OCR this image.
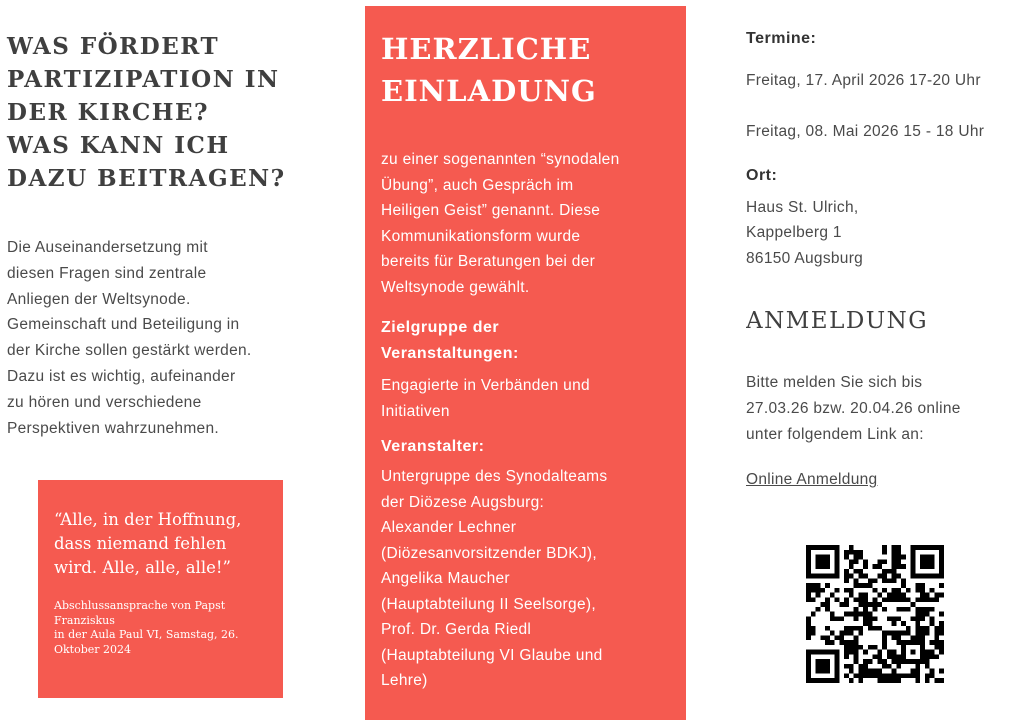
WAS FÖRDERT
PARTIZIPATION IN
DER KIRCHE?
WAS KANN ICH
DAZU BEITRAGEN?
Die Auseinandersetzung mit
diesen Fragen sind zentrale
Anliegen der Weltsynode.
Gemeinschaft und Beteiligung in
der Kirche sollen gestärkt werden.
Dazu ist es wichtig, aufeinander
zu hören und verschiedene
Perspektiven wahrzunehmen.
“Alle, in der Hoffnung,
dass niemand fehlen
wird. Alle, alle, alle!”
Abschlussansprache von Papst
Franziskus
in der Aula Paul VI, Samstag, 26.
Oktober 2024
HERZLICHE
EINLADUNG
zu einer sogenannten “synodalen
Übung”, auch Gespräch im
Heiligen Geist” genannt. Diese
Kommunikationsform wurde
bereits für Beratungen bei der
Weltsynode gewählt.
Zielgruppe der
Veranstaltungen:
Engagierte in Verbänden und
Initiativen
Veranstalter:
Untergruppe des Synodalteams
der Diözese Augsburg:
Alexander Lechner
(Diözesanvorsitzender BDKJ),
Angelika Maucher
(Hauptabteilung II Seelsorge),
Prof. Dr. Gerda Riedl
(Hauptabteilung VI Glaube und
Lehre)
Termine:
Freitag, 17. April 2026 17-20 Uhr
Freitag, 08. Mai 2026 15 - 18 Uhr
Ort:
Haus St. Ulrich,
Kappelberg 1
86150 Augsburg
ANMELDUNG
Bitte melden Sie sich bis
27.03.26 bzw. 20.04.26 online
unter folgendem Link an:
Online Anmeldung
